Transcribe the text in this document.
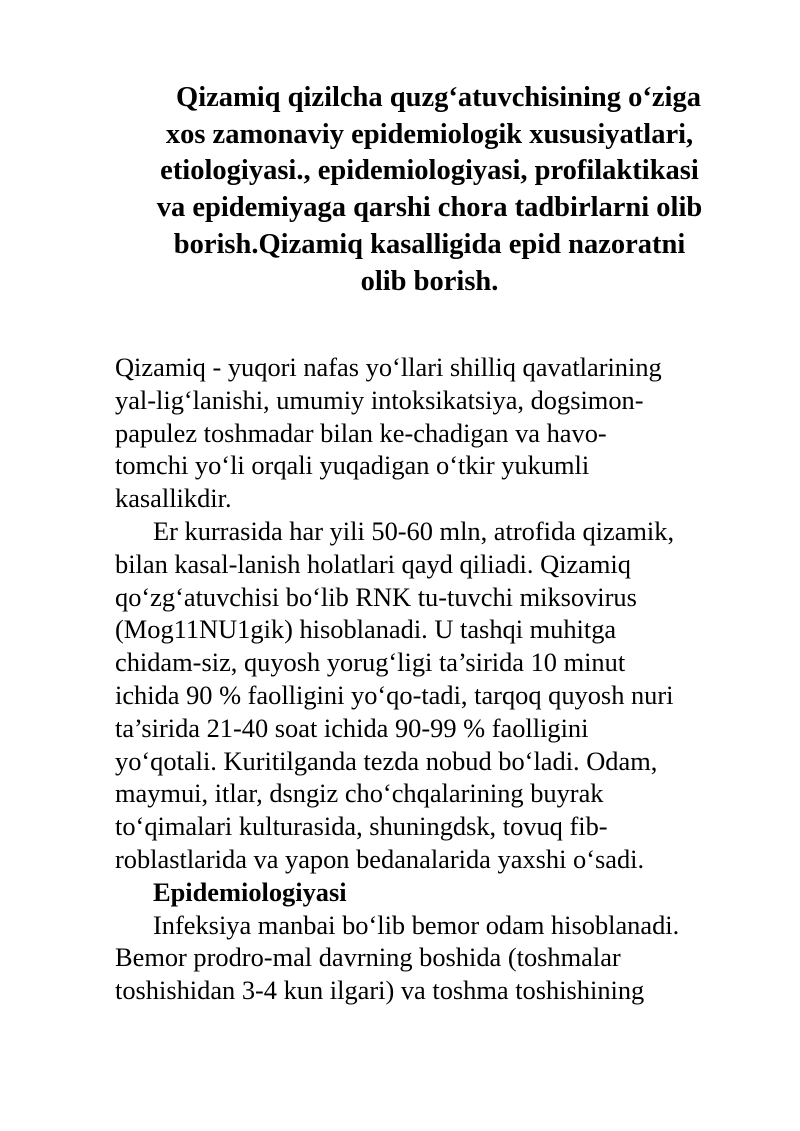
Qizamiq qizilcha quzg‘atuvchisining o‘ziga
xos zamonaviy epidemiologik xususiyatlari,
etiologiyasi., epidemiologiyasi, profilaktikasi
va epidemiyaga qarshi chora tadbirlarni olib
borish.Qizamiq kasalligida epid nazoratni
olib borish.
Qizamiq - yuqori nafas yo‘llari shilliq qavatlarining
yal-lig‘lanishi, umumiy intoksikatsiya, dogsimon-
papulez toshmadar bilan ke-chadigan va havo-
tomchi yo‘li orqali yuqadigan o‘tkir yukumli
kasallikdir.
Er kurrasida har yili 50-60 mln, atrofida qizamik,
bilan kasal-lanish holatlari qayd qiliadi. Qizamiq
qo‘zg‘atuvchisi bo‘lib RNK tu-tuvchi miksovirus
(Mog11NU1gik) hisoblanadi. U tashqi muhitga
chidam-siz, quyosh yorug‘ligi ta’sirida 10 minut
ichida 90 % faolligini yo‘qo-tadi, tarqoq quyosh nuri
ta’sirida 21-40 soat ichida 90-99 % faolligini
yo‘qotali. Kuritilganda tezda nobud bo‘ladi. Odam,
maymui, itlar, dsngiz cho‘chqalarining buyrak
to‘qimalari kulturasida, shuningdsk, tovuq fib-
roblastlarida va yapon bedanalarida yaxshi o‘sadi.
Epidemiologiyasi
Infeksiya manbai bo‘lib bemor odam hisoblanadi.
Bemor prodro-mal davrning boshida (toshmalar
toshishidan 3-4 kun ilgari) va toshma toshishining
